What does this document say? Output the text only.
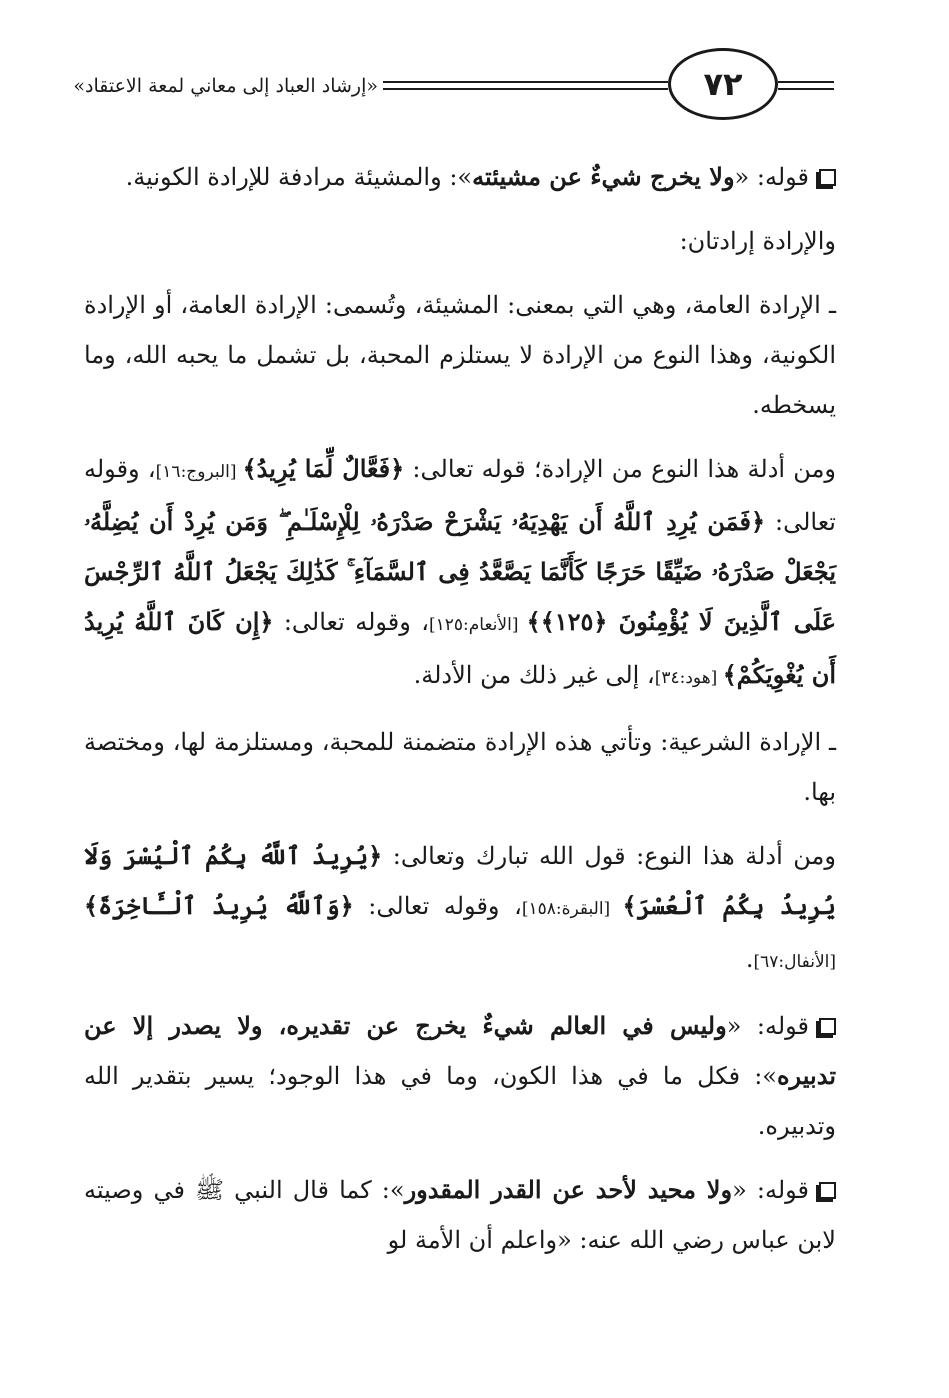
«إرشاد العباد إلى معاني لمعة الاعتقاد»	٧٢

قوله: «ولا يخرج شيءٌ عن مشيئته»: والمشيئة مرادفة للإرادة الكونية.

والإرادة إرادتان:

ـ الإرادة العامة، وهي التي بمعنى: المشيئة، وتُسمى: الإرادة العامة، أو الإرادة الكونية، وهذا النوع من الإرادة لا يستلزم المحبة، بل تشمل ما يحبه الله، وما يسخطه.

ومن أدلة هذا النوع من الإرادة؛ قوله تعالى: ﴿فَعَّالٌ لِّمَا يُرِيدُ﴾ [البروج:١٦]، وقوله تعالى: ﴿فَمَن يُرِدِ ٱللَّهُ أَن يَهْدِيَهُۥ يَشْرَحْ صَدْرَهُۥ لِلْإِسْلَـٰمِ ۖ وَمَن يُرِدْ أَن يُضِلَّهُۥ يَجْعَلْ صَدْرَهُۥ ضَيِّقًا حَرَجًا كَأَنَّمَا يَصَّعَّدُ فِى ٱلسَّمَآءِ ۚ كَذَٰلِكَ يَجْعَلُ ٱللَّهُ ٱلرِّجْسَ عَلَى ٱلَّذِينَ لَا يُؤْمِنُونَ ﴿١٢٥﴾﴾ [الأنعام:١٢٥]، وقوله تعالى: ﴿إِن كَانَ ٱللَّهُ يُرِيدُ أَن يُغْوِيَكُمْ﴾ [هود:٣٤]، إلى غير ذلك من الأدلة.

ـ الإرادة الشرعية: وتأتي هذه الإرادة متضمنة للمحبة، ومستلزمة لها، ومختصة بها.

ومن أدلة هذا النوع: قول الله تبارك وتعالى: ﴿يُرِيدُ ٱللَّهُ بِكُمُ ٱلْيُسْرَ وَلَا يُرِيدُ بِكُمُ ٱلْعُسْرَ﴾ [البقرة:١٥٨]، وقوله تعالى: ﴿وَٱللَّهُ يُرِيدُ ٱلْـَٔاخِرَةَ﴾ [الأنفال:٦٧].

قوله: «وليس في العالم شيءٌ يخرج عن تقديره، ولا يصدر إلا عن تدبيره»: فكل ما في هذا الكون، وما في هذا الوجود؛ يسير بتقدير الله وتدبيره.

قوله: «ولا محيد لأحد عن القدر المقدور»: كما قال النبي ﷺ في وصيته لابن عباس رضي الله عنه: «واعلم أن الأمة لو
